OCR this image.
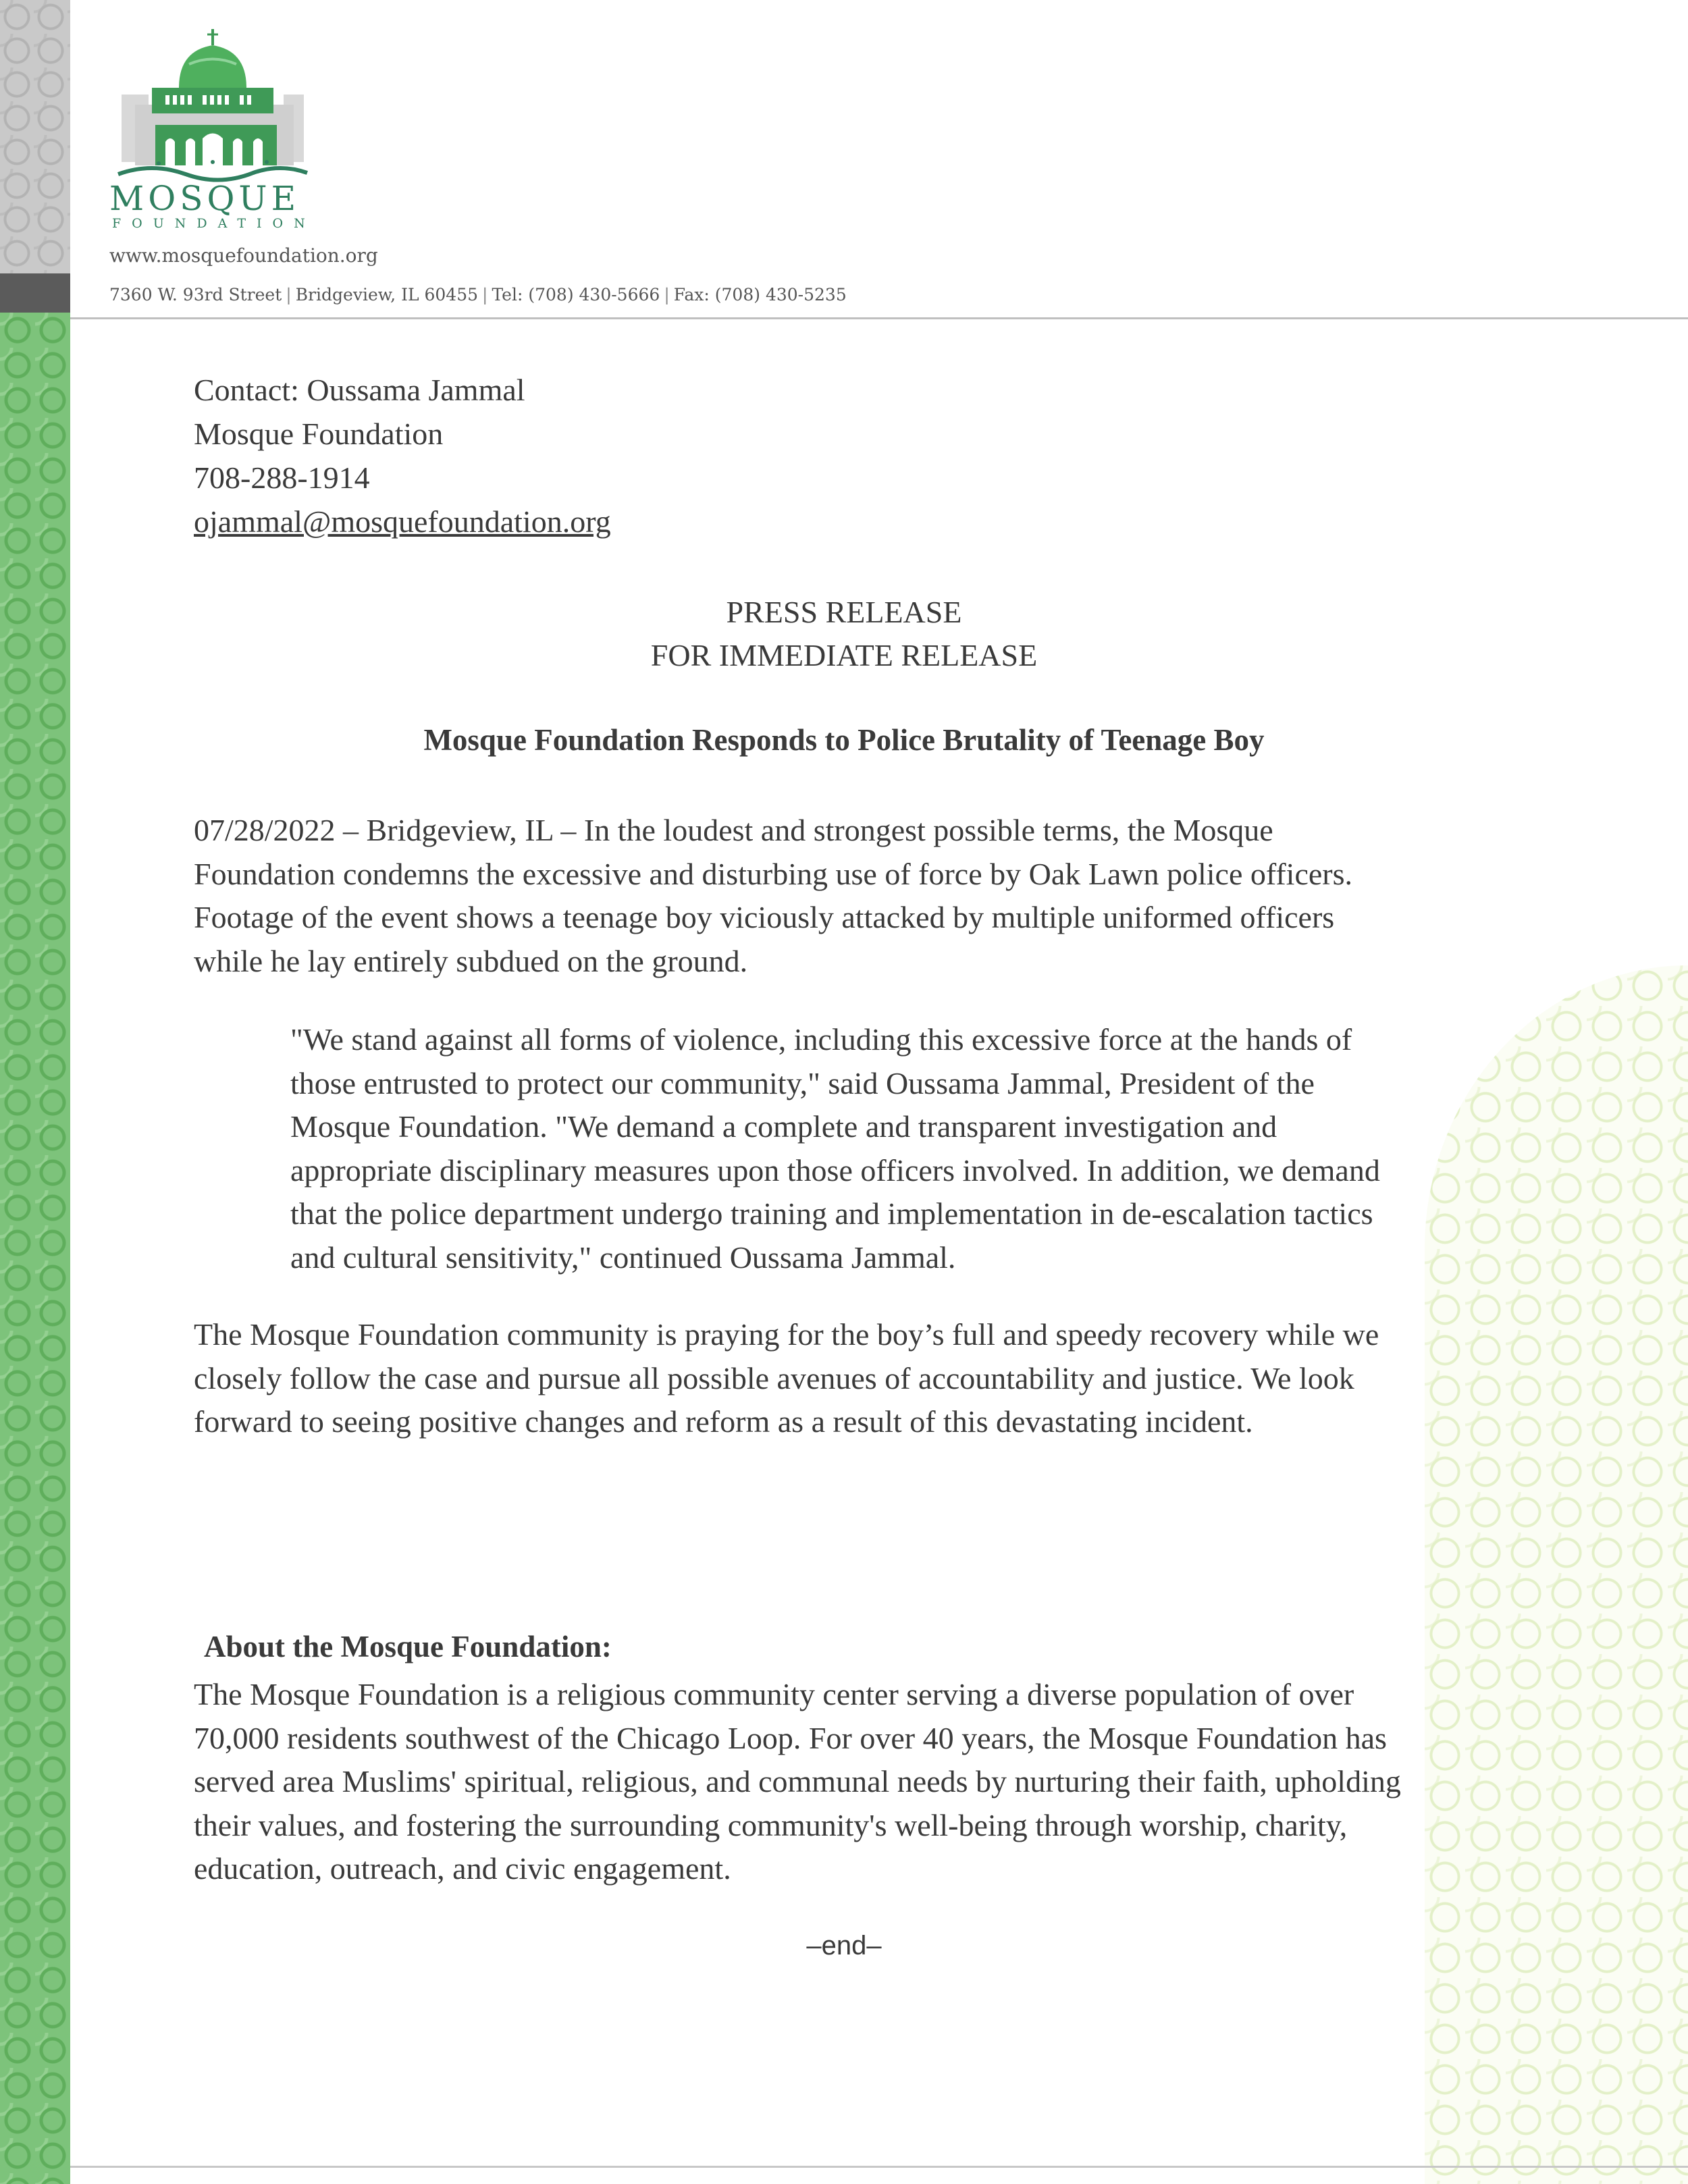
MOSQUE
FOUNDATION
www.mosquefoundation.org
7360 W. 93rd Street | Bridgeview, IL 60455 | Tel: (708) 430-5666 | Fax: (708) 430-5235
Contact: Oussama Jammal
Mosque Foundation
708-288-1914
ojammal@mosquefoundation.org
PRESS RELEASE
FOR IMMEDIATE RELEASE
Mosque Foundation Responds to Police Brutality of Teenage Boy
07/28/2022 – Bridgeview, IL – In the loudest and strongest possible terms, the Mosque
Foundation condemns the excessive and disturbing use of force by Oak Lawn police officers.
Footage of the event shows a teenage boy viciously attacked by multiple uniformed officers
while he lay entirely subdued on the ground.
"We stand against all forms of violence, including this excessive force at the hands of
those entrusted to protect our community," said Oussama Jammal, President of the
Mosque Foundation. "We demand a complete and transparent investigation and
appropriate disciplinary measures upon those officers involved. In addition, we demand
that the police department undergo training and implementation in de-escalation tactics
and cultural sensitivity," continued Oussama Jammal.
The Mosque Foundation community is praying for the boy’s full and speedy recovery while we
closely follow the case and pursue all possible avenues of accountability and justice. We look
forward to seeing positive changes and reform as a result of this devastating incident.
About the Mosque Foundation:
The Mosque Foundation is a religious community center serving a diverse population of over
70,000 residents southwest of the Chicago Loop. For over 40 years, the Mosque Foundation has
served area Muslims' spiritual, religious, and communal needs by nurturing their faith, upholding
their values, and fostering the surrounding community's well-being through worship, charity,
education, outreach, and civic engagement.
–end–
